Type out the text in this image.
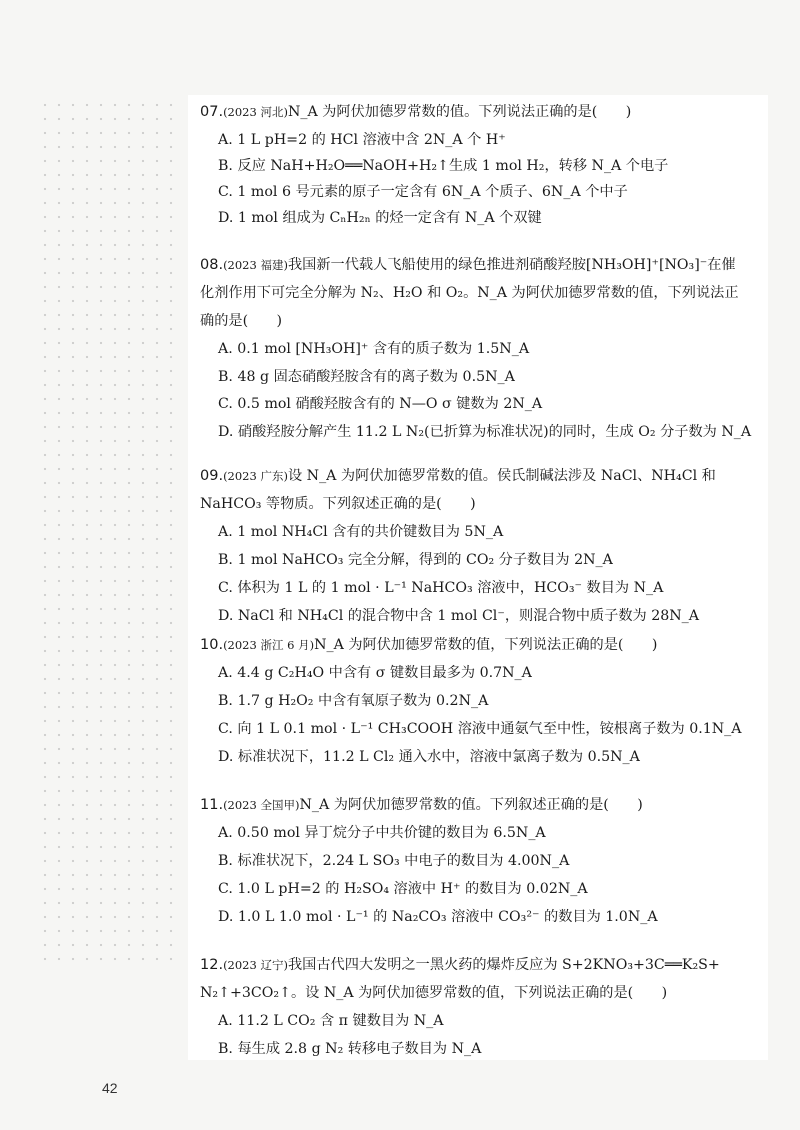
07.(2023 河北)N_A 为阿伏加德罗常数的值。下列说法正确的是(　　)
A. 1 L pH=2 的 HCl 溶液中含 2N_A 个 H⁺
B. 反应 NaH+H₂O══NaOH+H₂↑生成 1 mol H₂，转移 N_A 个电子
C. 1 mol 6 号元素的原子一定含有 6N_A 个质子、6N_A 个中子
D. 1 mol 组成为 CₙH₂ₙ 的烃一定含有 N_A 个双键
08.(2023 福建)我国新一代载人飞船使用的绿色推进剂硝酸羟胺[NH₃OH]⁺[NO₃]⁻在催
化剂作用下可完全分解为 N₂、H₂O 和 O₂。N_A 为阿伏加德罗常数的值，下列说法正
确的是(　　)
A. 0.1 mol [NH₃OH]⁺ 含有的质子数为 1.5N_A
B. 48 g 固态硝酸羟胺含有的离子数为 0.5N_A
C. 0.5 mol 硝酸羟胺含有的 N—O σ 键数为 2N_A
D. 硝酸羟胺分解产生 11.2 L N₂(已折算为标准状况)的同时，生成 O₂ 分子数为 N_A
09.(2023 广东)设 N_A 为阿伏加德罗常数的值。侯氏制碱法涉及 NaCl、NH₄Cl 和
NaHCO₃ 等物质。下列叙述正确的是(　　)
A. 1 mol NH₄Cl 含有的共价键数目为 5N_A
B. 1 mol NaHCO₃ 完全分解，得到的 CO₂ 分子数目为 2N_A
C. 体积为 1 L 的 1 mol · L⁻¹ NaHCO₃ 溶液中，HCO₃⁻ 数目为 N_A
D. NaCl 和 NH₄Cl 的混合物中含 1 mol Cl⁻，则混合物中质子数为 28N_A
10.(2023 浙江 6 月)N_A 为阿伏加德罗常数的值，下列说法正确的是(　　)
A. 4.4 g C₂H₄O 中含有 σ 键数目最多为 0.7N_A
B. 1.7 g H₂O₂ 中含有氧原子数为 0.2N_A
C. 向 1 L 0.1 mol · L⁻¹ CH₃COOH 溶液中通氨气至中性，铵根离子数为 0.1N_A
D. 标准状况下，11.2 L Cl₂ 通入水中，溶液中氯离子数为 0.5N_A
11.(2023 全国甲)N_A 为阿伏加德罗常数的值。下列叙述正确的是(　　)
A. 0.50 mol 异丁烷分子中共价键的数目为 6.5N_A
B. 标准状况下，2.24 L SO₃ 中电子的数目为 4.00N_A
C. 1.0 L pH=2 的 H₂SO₄ 溶液中 H⁺ 的数目为 0.02N_A
D. 1.0 L 1.0 mol · L⁻¹ 的 Na₂CO₃ 溶液中 CO₃²⁻ 的数目为 1.0N_A
12.(2023 辽宁)我国古代四大发明之一黑火药的爆炸反应为 S+2KNO₃+3C══K₂S+
N₂↑+3CO₂↑。设 N_A 为阿伏加德罗常数的值，下列说法正确的是(　　)
A. 11.2 L CO₂ 含 π 键数目为 N_A
B. 每生成 2.8 g N₂ 转移电子数目为 N_A
42
